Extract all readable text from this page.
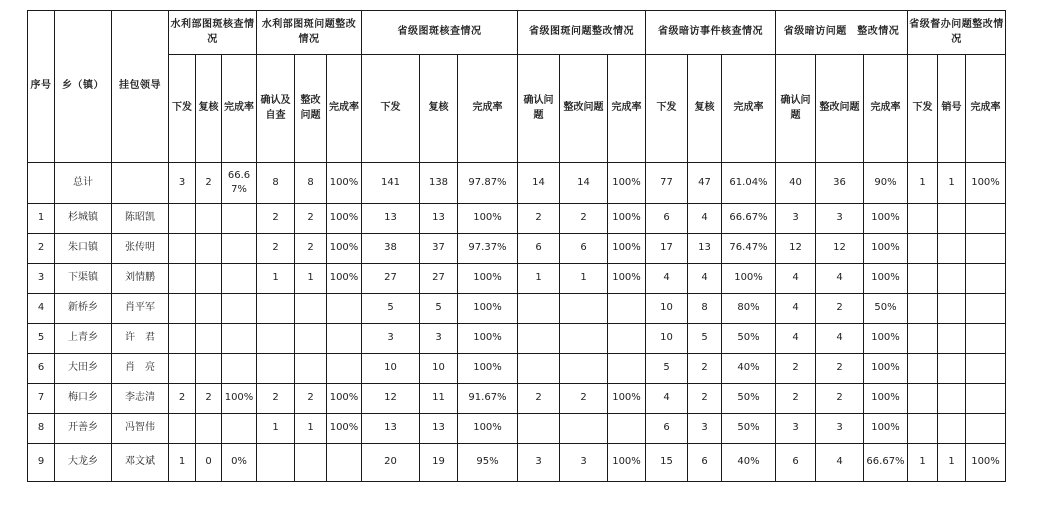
序号	乡（镇）	挂包领导	水利部图斑核查情况			水利部图斑问题整改情况			省级图斑核查情况			省级图斑问题整改情况			省级暗访事件核查情况			省级暗访问题　整改情况			省级督办问题整改情况		
			下发	复核	完成率	确认及自查	整改问题	完成率	下发	复核	完成率	确认问题	整改问题	完成率	下发	复核	完成率	确认问题	整改问题	完成率	下发	销号	完成率
	总计		3	2	66.67%	8	8	100%	141	138	97.87%	14	14	100%	77	47	61.04%	40	36	90%	1	1	100%
1	杉城镇	陈昭凯				2	2	100%	13	13	100%	2	2	100%	6	4	66.67%	3	3	100%			
2	朱口镇	张传明				2	2	100%	38	37	97.37%	6	6	100%	17	13	76.47%	12	12	100%			
3	下渠镇	刘情鹏				1	1	100%	27	27	100%	1	1	100%	4	4	100%	4	4	100%			
4	新桥乡	肖平军							5	5	100%				10	8	80%	4	2	50%			
5	上青乡	许　君							3	3	100%				10	5	50%	4	4	100%			
6	大田乡	肖　亮							10	10	100%				5	2	40%	2	2	100%			
7	梅口乡	李志清	2	2	100%	2	2	100%	12	11	91.67%	2	2	100%	4	2	50%	2	2	100%			
8	开善乡	冯智伟				1	1	100%	13	13	100%				6	3	50%	3	3	100%			
9	大龙乡	邓文斌	1	0	0%				20	19	95%	3	3	100%	15	6	40%	6	4	66.67%	1	1	100%
